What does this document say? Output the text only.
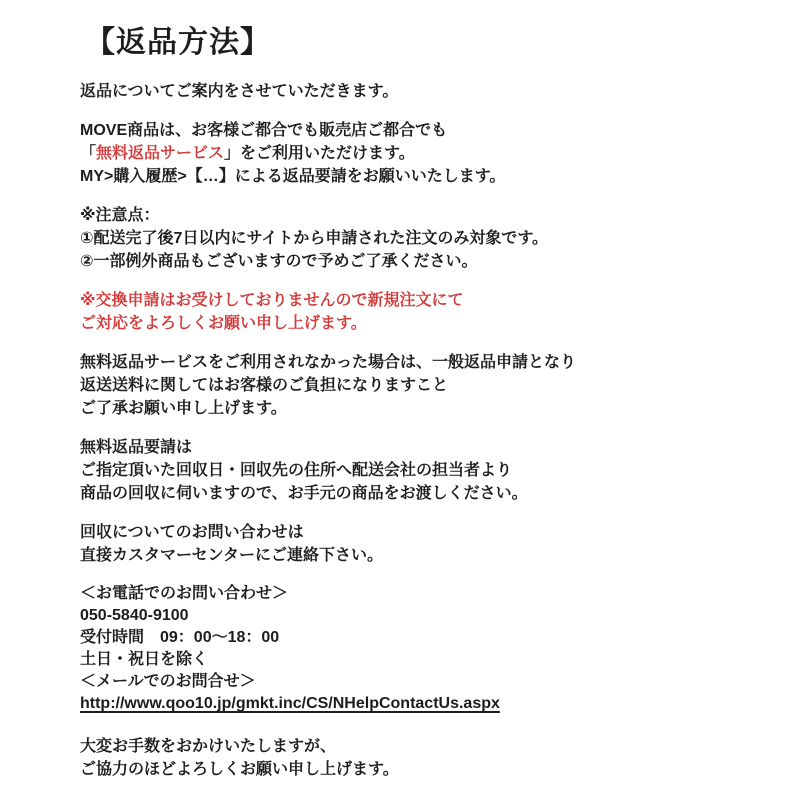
【返品方法】

返品についてご案内をさせていただきます。

MOVE商品は、お客様ご都合でも販売店ご都合でも
「無料返品サービス」をご利用いただけます。
MY>購入履歴>【…】による返品要請をお願いいたします。

※注意点：
①配送完了後7日以内にサイトから申請された注文のみ対象です。
②一部例外商品もございますので予めご了承ください。

※交換申請はお受けしておりませんので新規注文にて
ご対応をよろしくお願い申し上げます。

無料返品サービスをご利用されなかった場合は、一般返品申請となり
返送送料に関してはお客様のご負担になりますこと
ご了承お願い申し上げます。

無料返品要請は
ご指定頂いた回収日・回収先の住所へ配送会社の担当者より
商品の回収に伺いますので、お手元の商品をお渡しください。

回収についてのお問い合わせは
直接カスタマーセンターにご連絡下さい。

＜お電話でのお問い合わせ＞
050-5840-9100
受付時間　09：00〜18：00
土日・祝日を除く
＜メールでのお問合せ＞
http://www.qoo10.jp/gmkt.inc/CS/NHelpContactUs.aspx

大変お手数をおかけいたしますが、
ご協力のほどよろしくお願い申し上げます。
